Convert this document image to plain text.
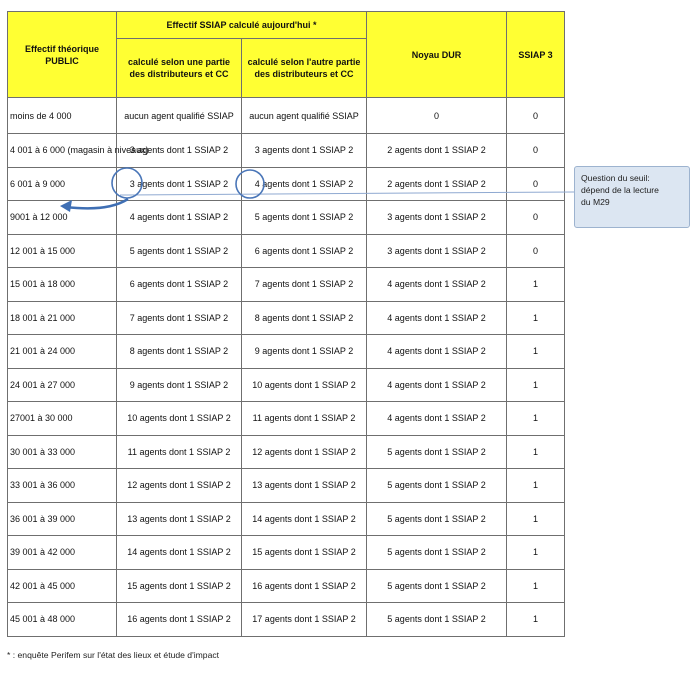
Effectif théorique PUBLIC	Effectif SSIAP calculé aujourd'hui *		Noyau DUR	SSIAP 3
	calculé selon une partie des distributeurs et CC	calculé selon l'autre partie des distributeurs et CC		
moins de 4 000	aucun agent qualifié SSIAP	aucun agent qualifié SSIAP	0	0
4 001 à 6 000 (magasin à niveaux)	3 agents dont 1 SSIAP 2	3 agents dont 1 SSIAP 2	2 agents dont 1 SSIAP 2	0
6 001 à 9 000	3 agents dont 1 SSIAP 2	4 agents dont 1 SSIAP 2	2 agents dont 1 SSIAP 2	0
9001 à 12 000	4 agents dont 1 SSIAP 2	5 agents dont 1 SSIAP 2	3 agents dont 1 SSIAP 2	0
12 001 à 15 000	5 agents dont 1 SSIAP 2	6 agents dont 1 SSIAP 2	3 agents dont 1 SSIAP 2	0
15 001 à 18 000	6 agents dont 1 SSIAP 2	7 agents dont 1 SSIAP 2	4 agents dont 1 SSIAP 2	1
18 001 à 21 000	7 agents dont 1 SSIAP 2	8 agents dont 1 SSIAP 2	4 agents dont 1 SSIAP 2	1
21 001 à 24 000	8 agents dont 1 SSIAP 2	9 agents dont 1 SSIAP 2	4 agents dont 1 SSIAP 2	1
24 001 à 27 000	9 agents dont 1 SSIAP 2	10 agents dont 1 SSIAP 2	4 agents dont 1 SSIAP 2	1
27001 à 30 000	10 agents dont 1 SSIAP 2	11 agents dont 1 SSIAP 2	4 agents dont 1 SSIAP 2	1
30 001 à 33 000	11 agents dont 1 SSIAP 2	12 agents dont 1 SSIAP 2	5 agents dont 1 SSIAP 2	1
33 001 à 36 000	12 agents dont 1 SSIAP 2	13 agents dont 1 SSIAP 2	5 agents dont 1 SSIAP 2	1
36 001 à 39 000	13 agents dont 1 SSIAP 2	14 agents dont 1 SSIAP 2	5 agents dont 1 SSIAP 2	1
39 001 à 42 000	14 agents dont 1 SSIAP 2	15 agents dont 1 SSIAP 2	5 agents dont 1 SSIAP 2	1
42 001 à 45 000	15 agents dont 1 SSIAP 2	16 agents dont 1 SSIAP 2	5 agents dont 1 SSIAP 2	1
45 001 à 48 000	16 agents dont 1 SSIAP 2	17 agents dont 1 SSIAP 2	5 agents dont 1 SSIAP 2	1
Question du seuil:
dépend de la lecture
du M29
* : enquête Perifem sur l'état des lieux et étude d'impact
